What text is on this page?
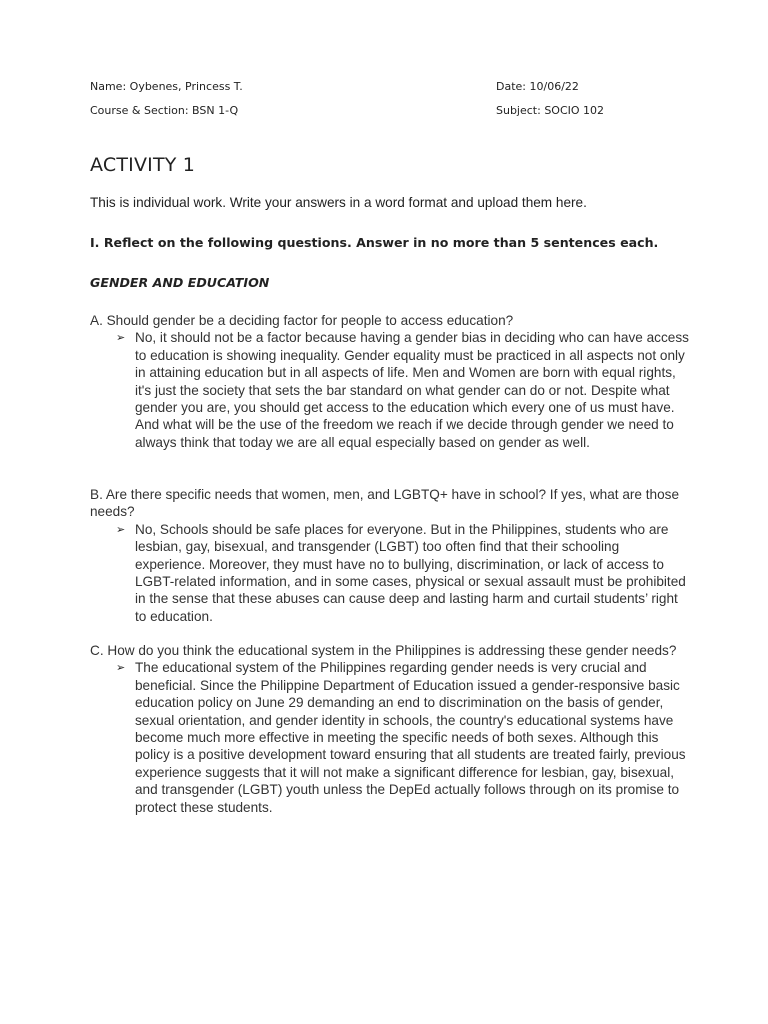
Name: Oybenes, Princess T.	Date: 10/06/22
Course & Section: BSN 1-Q	Subject: SOCIO 102
ACTIVITY 1
This is individual work. Write your answers in a word format and upload them here.
I. Reflect on the following questions. Answer in no more than 5 sentences each.
GENDER AND EDUCATION

A. Should gender be a deciding factor for people to access education?

➢ No, it should not be a factor because having a gender bias in deciding who can have access to education is showing inequality. Gender equality must be practiced in all aspects not only in attaining education but in all aspects of life. Men and Women are born with equal rights, it's just the society that sets the bar standard on what gender can do or not. Despite what gender you are, you should get access to the education which every one of us must have. And what will be the use of the freedom we reach if we decide through gender we need to always think that today we are all equal especially based on gender as well.

B. Are there specific needs that women, men, and LGBTQ+ have in school? If yes, what are those needs?

➢ No, Schools should be safe places for everyone. But in the Philippines, students who are lesbian, gay, bisexual, and transgender (LGBT) too often find that their schooling experience. Moreover, they must have no to bullying, discrimination, or lack of access to LGBT-related information, and in some cases, physical or sexual assault must be prohibited in the sense that these abuses can cause deep and lasting harm and curtail students’ right to education.

C. How do you think the educational system in the Philippines is addressing these gender needs?

➢ The educational system of the Philippines regarding gender needs is very crucial and beneficial. Since the Philippine Department of Education issued a gender-responsive basic education policy on June 29 demanding an end to discrimination on the basis of gender, sexual orientation, and gender identity in schools, the country's educational systems have become much more effective in meeting the specific needs of both sexes. Although this policy is a positive development toward ensuring that all students are treated fairly, previous experience suggests that it will not make a significant difference for lesbian, gay, bisexual, and transgender (LGBT) youth unless the DepEd actually follows through on its promise to protect these students.
